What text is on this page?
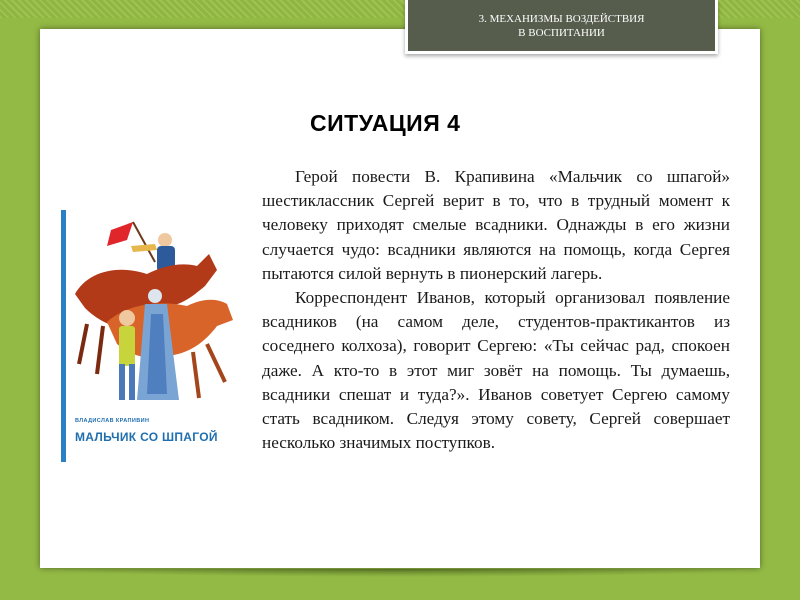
3. МЕХАНИЗМЫ ВОЗДЕЙСТВИЯ
В ВОСПИТАНИИ
СИТУАЦИЯ 4

Герой повести В. Крапивина «Мальчик со шпагой» шестиклассник Сергей верит в то, что в трудный момент к человеку приходят смелые всадники. Однажды в его жизни случается чудо: всадники являются на помощь, когда Сергея пытаются силой вернуть в пионерский лагерь.

Корреспондент Иванов, который организовал появление всадников (на самом деле, студентов-практикантов из соседнего колхоза), говорит Сергею: «Ты сейчас рад, спокоен даже. А кто-то в этот миг зовёт на помощь. Ты думаешь, всадники спешат и туда?». Иванов советует Сергею самому стать всадником. Следуя этому совету, Сергей совершает несколько значимых поступков.

ВЛАДИСЛАВ КРАПИВИН
МАЛЬЧИК СО ШПАГОЙ
